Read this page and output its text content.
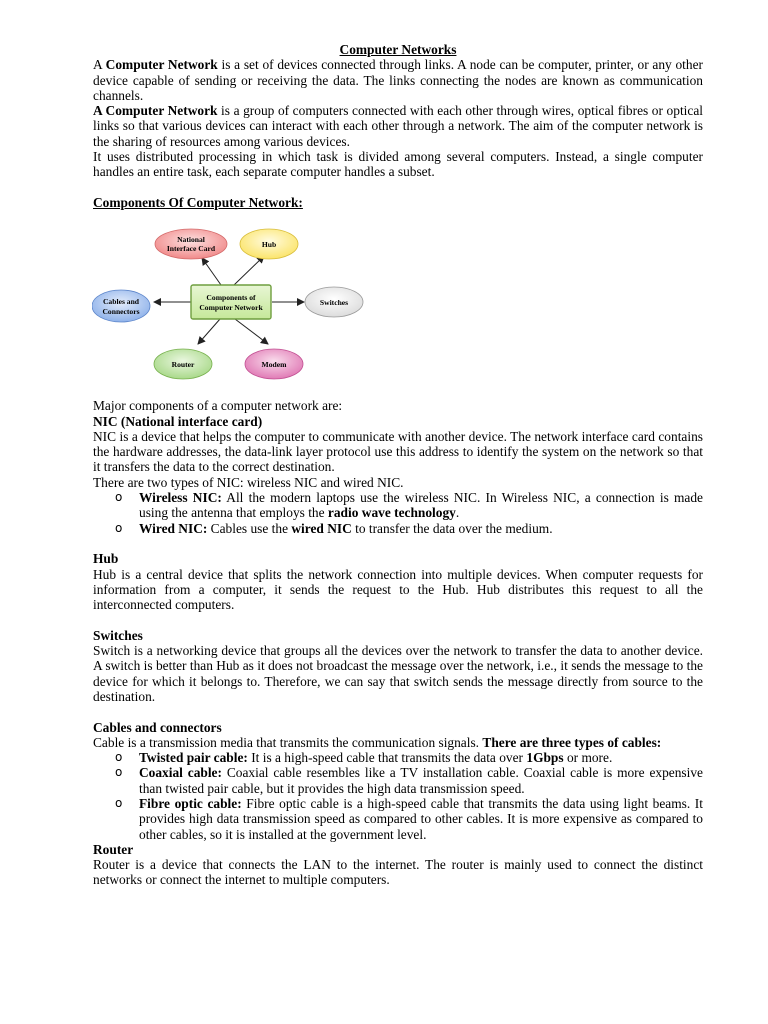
Computer Networks

A Computer Network is a set of devices connected through links. A node can be computer, printer, or any other device capable of sending or receiving the data. The links connecting the nodes are known as communication channels.

A Computer Network is a group of computers connected with each other through wires, optical fibres or optical links so that various devices can interact with each other through a network. The aim of the computer network is the sharing of resources among various devices.

It uses distributed processing in which task is divided among several computers. Instead, a single computer handles an entire task, each separate computer handles a subset.

Components Of Computer Network:

Components of
Computer Network
National
Interface Card	Hub
Switches
Cables and
Connectors
Router	Modem

Major components of a computer network are:

NIC (National interface card)

NIC is a device that helps the computer to communicate with another device. The network interface card contains the hardware addresses, the data-link layer protocol use this address to identify the system on the network so that it transfers the data to the correct destination.

There are two types of NIC: wireless NIC and wired NIC.

o Wireless NIC: All the modern laptops use the wireless NIC. In Wireless NIC, a connection is made using the antenna that employs the radio wave technology.
o Wired NIC: Cables use the wired NIC to transfer the data over the medium.

Hub

Hub is a central device that splits the network connection into multiple devices. When computer requests for information from a computer, it sends the request to the Hub. Hub distributes this request to all the interconnected computers.

Switches

Switch is a networking device that groups all the devices over the network to transfer the data to another device. A switch is better than Hub as it does not broadcast the message over the network, i.e., it sends the message to the device for which it belongs to. Therefore, we can say that switch sends the message directly from source to the destination.

Cables and connectors

Cable is a transmission media that transmits the communication signals. There are three types of cables:

o Twisted pair cable: It is a high-speed cable that transmits the data over 1Gbps or more.
o Coaxial cable: Coaxial cable resembles like a TV installation cable. Coaxial cable is more expensive than twisted pair cable, but it provides the high data transmission speed.
o Fibre optic cable: Fibre optic cable is a high-speed cable that transmits the data using light beams. It provides high data transmission speed as compared to other cables. It is more expensive as compared to other cables, so it is installed at the government level.

Router

Router is a device that connects the LAN to the internet. The router is mainly used to connect the distinct networks or connect the internet to multiple computers.
